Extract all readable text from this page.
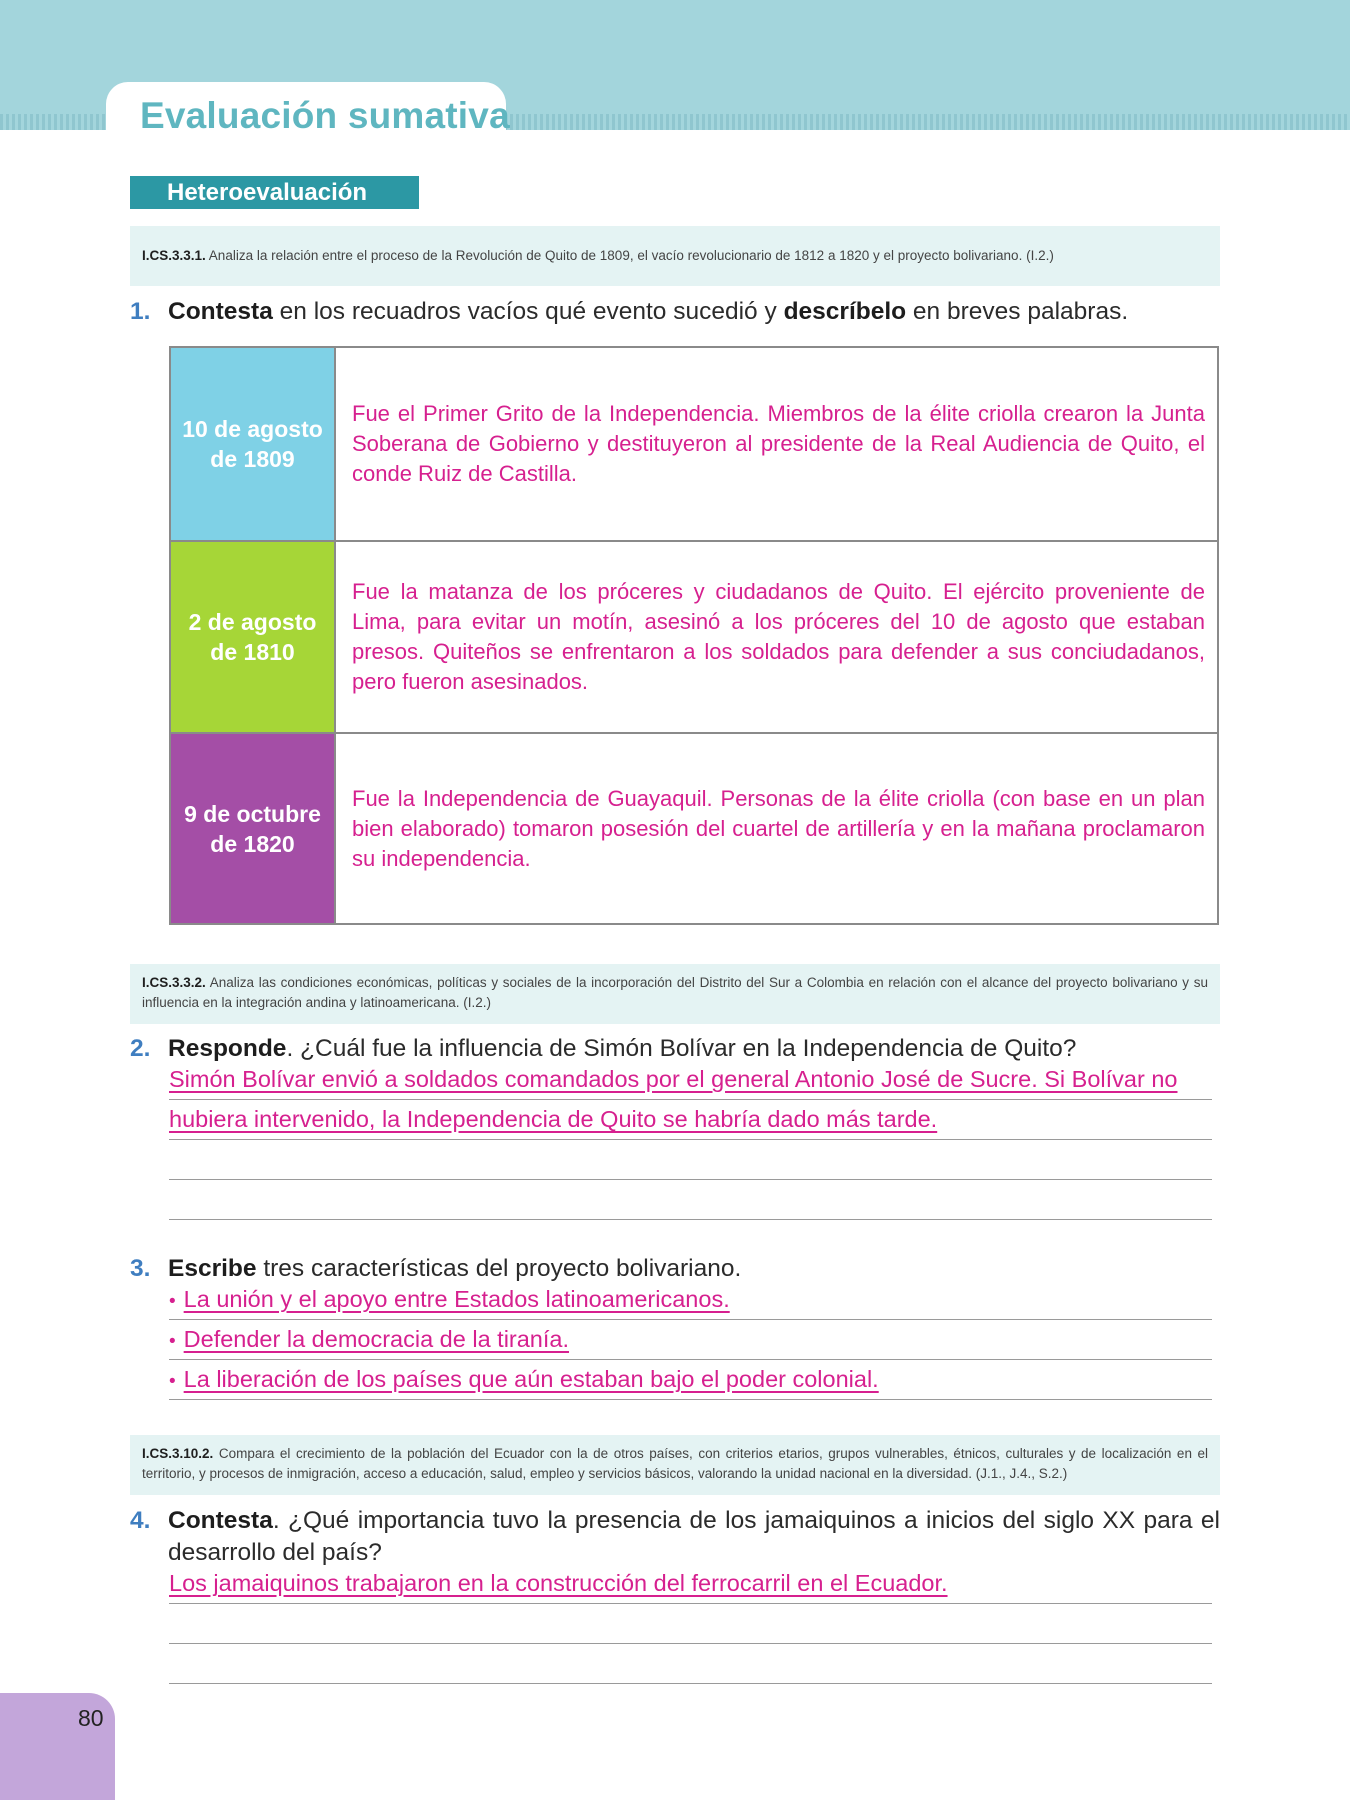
Evaluación sumativa
Heteroevaluación
I.CS.3.3.1. Analiza la relación entre el proceso de la Revolución de Quito de 1809, el vacío revolucionario de 1812 a 1820 y el proyecto bolivariano. (I.2.)
1. Contesta en los recuadros vacíos qué evento sucedió y descríbelo en breves palabras.
10 de agosto de 1809
Fue el Primer Grito de la Independencia. Miembros de la élite criolla crearon la Junta Soberana de Gobierno y destituyeron al presidente de la Real Audiencia de Quito, el conde Ruiz de Castilla.
2 de agosto de 1810
Fue la matanza de los próceres y ciudadanos de Quito. El ejército proveniente de Lima, para evitar un motín, asesinó a los próceres del 10 de agosto que estaban presos. Quiteños se enfrentaron a los soldados para defender a sus conciudadanos, pero fueron asesinados.
9 de octubre de 1820
Fue la Independencia de Guayaquil. Personas de la élite criolla (con base en un plan bien elaborado) tomaron posesión del cuartel de artillería y en la mañana proclamaron su independencia.
I.CS.3.3.2. Analiza las condiciones económicas, políticas y sociales de la incorporación del Distrito del Sur a Colombia en relación con el alcance del proyecto bolivariano y su influencia en la integración andina y latinoamericana. (I.2.)
2. Responde. ¿Cuál fue la influencia de Simón Bolívar en la Independencia de Quito?
Simón Bolívar envió a soldados comandados por el general Antonio José de Sucre. Si Bolívar no
hubiera intervenido, la Independencia de Quito se habría dado más tarde.
3. Escribe tres características del proyecto bolivariano.
• La unión y el apoyo entre Estados latinoamericanos.
• Defender la democracia de la tiranía.
• La liberación de los países que aún estaban bajo el poder colonial.
I.CS.3.10.2. Compara el crecimiento de la población del Ecuador con la de otros países, con criterios etarios, grupos vulnerables, étnicos, culturales y de localización en el territorio, y procesos de inmigración, acceso a educación, salud, empleo y servicios básicos, valorando la unidad nacional en la diversidad. (J.1., J.4., S.2.)
4. Contesta. ¿Qué importancia tuvo la presencia de los jamaiquinos a inicios del siglo XX para el desarrollo del país?
Los jamaiquinos trabajaron en la construcción del ferrocarril en el Ecuador.
80
